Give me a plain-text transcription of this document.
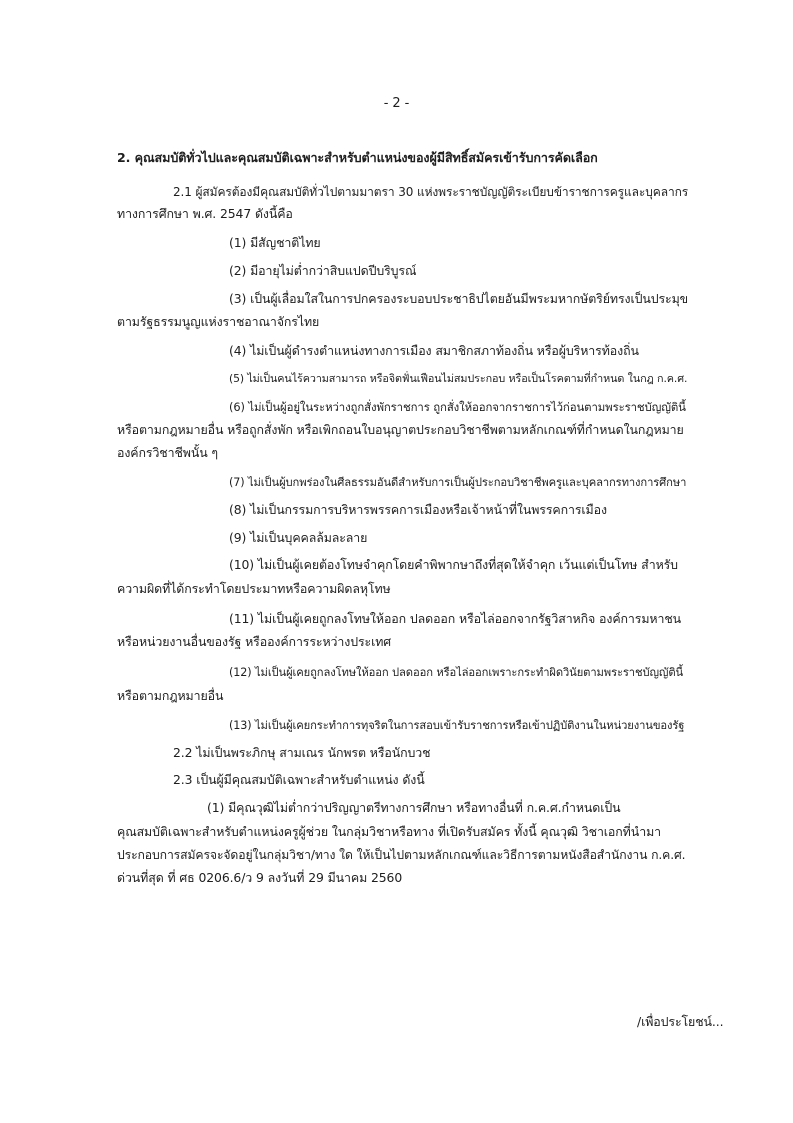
- 2 -
2. คุณสมบัติทั่วไปและคุณสมบัติเฉพาะสำหรับตำแหน่งของผู้มีสิทธิ์สมัครเข้ารับการคัดเลือก
2.1 ผู้สมัครต้องมีคุณสมบัติทั่วไปตามมาตรา 30 แห่งพระราชบัญญัติระเบียบข้าราชการครูและบุคลากร
ทางการศึกษา พ.ศ. 2547 ดังนี้คือ
(1) มีสัญชาติไทย
(2) มีอายุไม่ต่ำกว่าสิบแปดปีบริบูรณ์
(3) เป็นผู้เลื่อมใสในการปกครองระบอบประชาธิปไตยอันมีพระมหากษัตริย์ทรงเป็นประมุข
ตามรัฐธรรมนูญแห่งราชอาณาจักรไทย
(4) ไม่เป็นผู้ดำรงตำแหน่งทางการเมือง สมาชิกสภาท้องถิ่น หรือผู้บริหารท้องถิ่น
(5) ไม่เป็นคนไร้ความสามารถ หรือจิตฟั่นเฟือนไม่สมประกอบ หรือเป็นโรคตามที่กำหนด ในกฎ ก.ค.ศ.
(6) ไม่เป็นผู้อยู่ในระหว่างถูกสั่งพักราชการ ถูกสั่งให้ออกจากราชการไว้ก่อนตามพระราชบัญญัตินี้
หรือตามกฎหมายอื่น หรือถูกสั่งพัก หรือเพิกถอนใบอนุญาตประกอบวิชาชีพตามหลักเกณฑ์ที่กำหนดในกฎหมาย
องค์กรวิชาชีพนั้น ๆ
(7) ไม่เป็นผู้บกพร่องในศีลธรรมอันดีสำหรับการเป็นผู้ประกอบวิชาชีพครูและบุคลากรทางการศึกษา
(8) ไม่เป็นกรรมการบริหารพรรคการเมืองหรือเจ้าหน้าที่ในพรรคการเมือง
(9) ไม่เป็นบุคคลล้มละลาย
(10) ไม่เป็นผู้เคยต้องโทษจำคุกโดยคำพิพากษาถึงที่สุดให้จำคุก เว้นแต่เป็นโทษ สำหรับ
ความผิดที่ได้กระทำโดยประมาทหรือความผิดลหุโทษ
(11) ไม่เป็นผู้เคยถูกลงโทษให้ออก ปลดออก หรือไล่ออกจากรัฐวิสาหกิจ องค์การมหาชน
หรือหน่วยงานอื่นของรัฐ หรือองค์การระหว่างประเทศ
(12) ไม่เป็นผู้เคยถูกลงโทษให้ออก ปลดออก หรือไล่ออกเพราะกระทำผิดวินัยตามพระราชบัญญัตินี้
หรือตามกฎหมายอื่น
(13) ไม่เป็นผู้เคยกระทำการทุจริตในการสอบเข้ารับราชการหรือเข้าปฏิบัติงานในหน่วยงานของรัฐ
2.2 ไม่เป็นพระภิกษุ สามเณร นักพรต หรือนักบวช
2.3 เป็นผู้มีคุณสมบัติเฉพาะสำหรับตำแหน่ง ดังนี้
(1) มีคุณวุฒิไม่ต่ำกว่าปริญญาตรีทางการศึกษา หรือทางอื่นที่ ก.ค.ศ.กำหนดเป็น
คุณสมบัติเฉพาะสำหรับตำแหน่งครูผู้ช่วย ในกลุ่มวิชาหรือทาง ที่เปิดรับสมัคร ทั้งนี้ คุณวุฒิ วิชาเอกที่นำมา
ประกอบการสมัครจะจัดอยู่ในกลุ่มวิชา/ทาง ใด ให้เป็นไปตามหลักเกณฑ์และวิธีการตามหนังสือสำนักงาน ก.ค.ศ.
ด่วนที่สุด ที่ ศธ 0206.6/ว 9 ลงวันที่ 29 มีนาคม 2560
/เพื่อประโยชน์...
